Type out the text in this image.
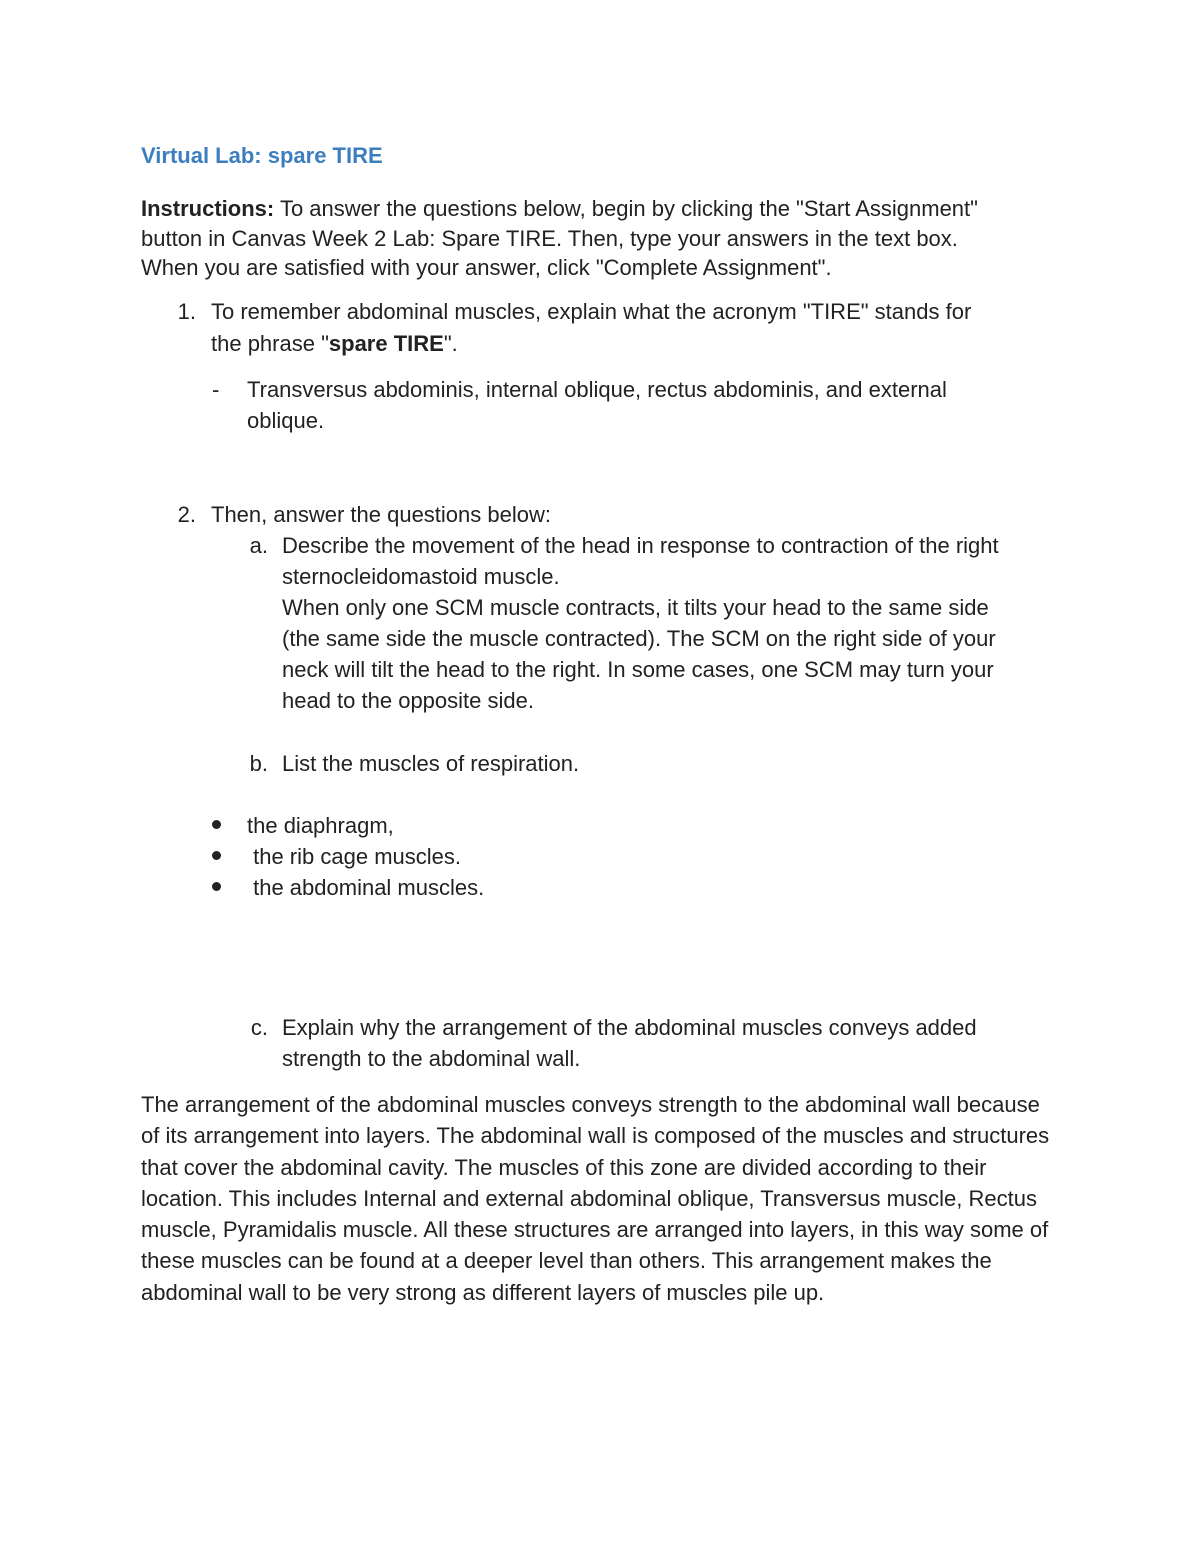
Virtual Lab: spare TIRE
Instructions: To answer the questions below, begin by clicking the "Start Assignment"
button in Canvas Week 2 Lab: Spare TIRE. Then, type your answers in the text box.
When you are satisfied with your answer, click "Complete Assignment".
1. To remember abdominal muscles, explain what the acronym "TIRE" stands for
the phrase "spare TIRE".
- Transversus abdominis, internal oblique, rectus abdominis, and external
oblique.
2. Then, answer the questions below:
a. Describe the movement of the head in response to contraction of the right
sternocleidomastoid muscle.
When only one SCM muscle contracts, it tilts your head to the same side
(the same side the muscle contracted). The SCM on the right side of your
neck will tilt the head to the right. In some cases, one SCM may turn your
head to the opposite side.
b. List the muscles of respiration.
the diaphragm,
the rib cage muscles.
the abdominal muscles.
c. Explain why the arrangement of the abdominal muscles conveys added
strength to the abdominal wall.
The arrangement of the abdominal muscles conveys strength to the abdominal wall because of its arrangement into layers. The abdominal wall is composed of the muscles and structures that cover the abdominal cavity. The muscles of this zone are divided according to their location. This includes Internal and external abdominal oblique, Transversus muscle, Rectus muscle, Pyramidalis muscle. All these structures are arranged into layers, in this way some of these muscles can be found at a deeper level than others. This arrangement makes the abdominal wall to be very strong as different layers of muscles pile up.
